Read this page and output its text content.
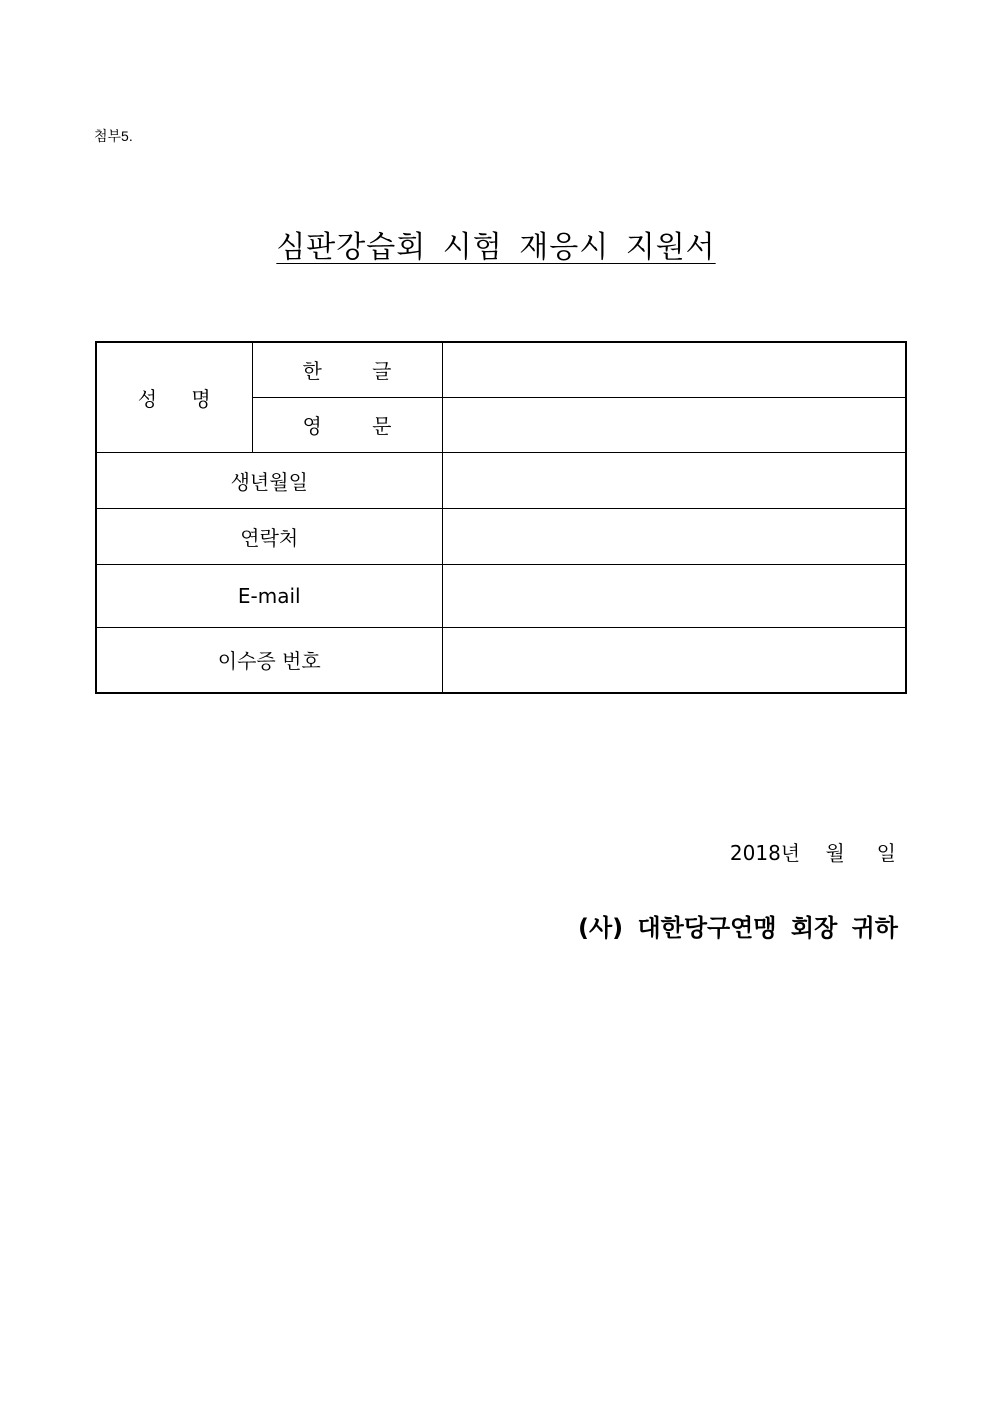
첨부5.
심판강습회 시험 재응시 지원서
성 명	한 글	
	영 문	
생년월일		
연락처		
E-mail		
이수증 번호		
2018년 월 일
(사) 대한당구연맹 회장 귀하
